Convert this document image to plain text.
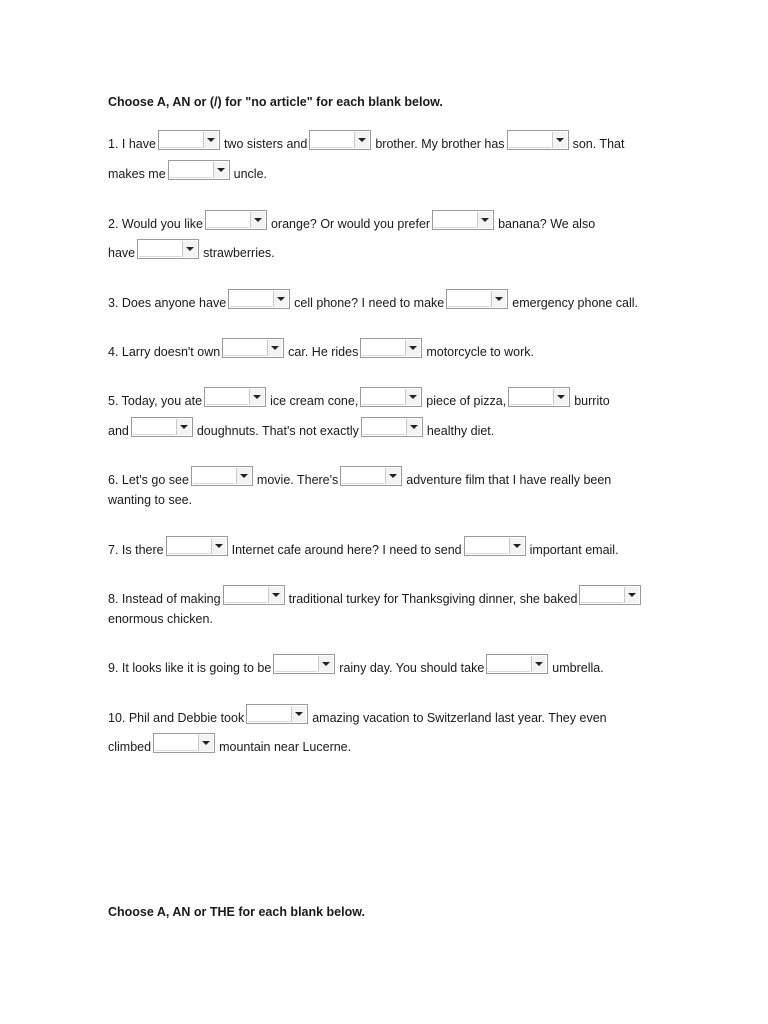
Choose A, AN or (/) for "no article" for each blank below.
1. I have	two sisters and	brother. My brother has	son. That
makes me	uncle.
2. Would you like	orange? Or would you prefer	banana? We also
have	strawberries.
3. Does anyone have	cell phone? I need to make	emergency phone call.
4. Larry doesn't own	car. He rides	motorcycle to work.
5. Today, you ate	ice cream cone,	piece of pizza,	burrito
and	doughnuts. That's not exactly	healthy diet.
6. Let's go see	movie. There's	adventure film that I have really been
wanting to see.
7. Is there	Internet cafe around here? I need to send	important email.
8. Instead of making	traditional turkey for Thanksgiving dinner, she baked
enormous chicken.
9. It looks like it is going to be	rainy day. You should take	umbrella.
10. Phil and Debbie took	amazing vacation to Switzerland last year. They even
climbed	mountain near Lucerne.
Choose A, AN or THE for each blank below.
